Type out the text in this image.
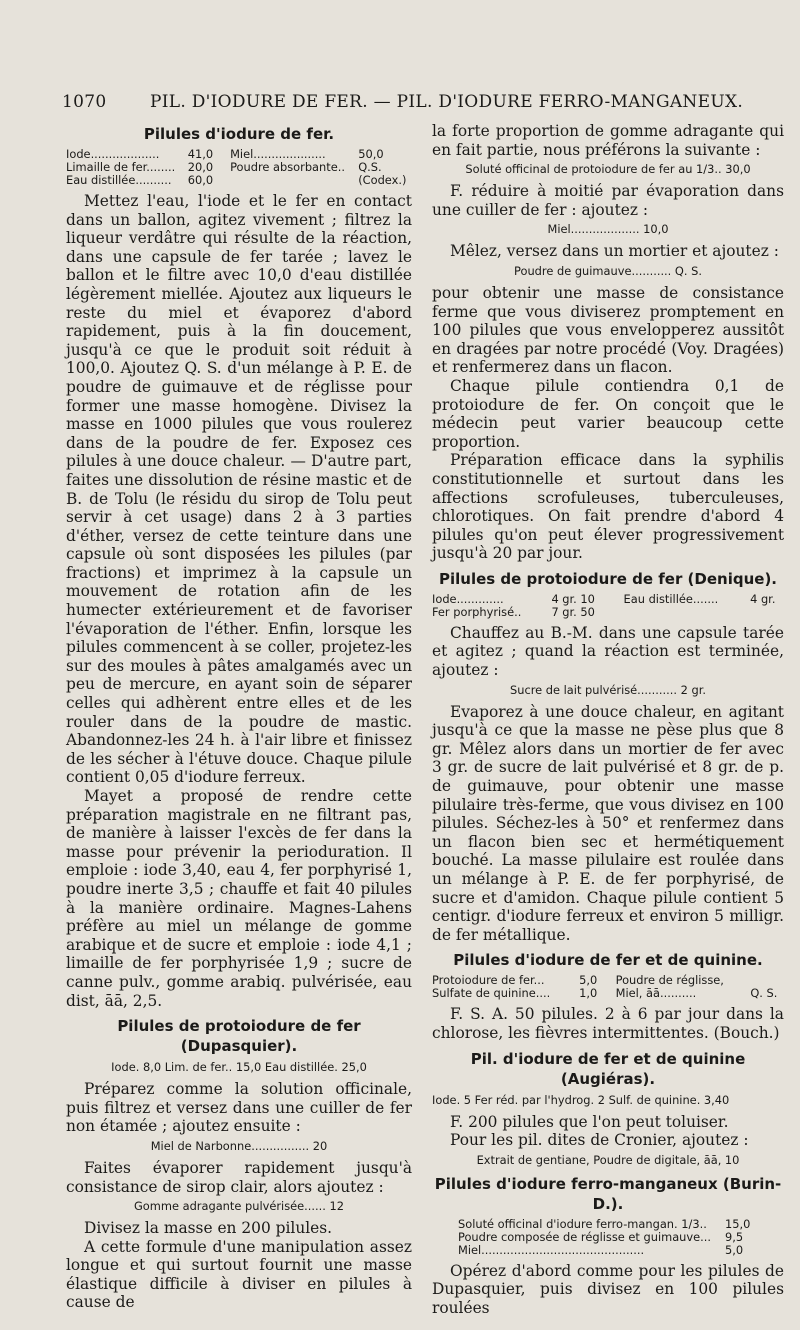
1070	PIL. D'IODURE DE FER. — PIL. D'IODURE FERRO-MANGANEUX.
Pilules d'iodure de fer.
Iode...................	41,0		Miel....................	50,0
Limaille de fer........	20,0		Poudre absorbante..	Q.S.
Eau distillée..........	60,0			(Codex.)

Mettez l'eau, l'iode et le fer en contact dans un ballon, agitez vivement ; filtrez la liqueur verdâtre qui résulte de la réaction, dans une capsule de fer tarée ; lavez le ballon et le filtre avec 10,0 d'eau distillée légèrement miellée. Ajoutez aux liqueurs le reste du miel et évaporez d'abord rapidement, puis à la fin doucement, jusqu'à ce que le produit soit réduit à 100,0. Ajoutez Q. S. d'un mélange à P. E. de poudre de guimauve et de réglisse pour former une masse homogène. Divisez la masse en 1000 pilules que vous roulerez dans de la poudre de fer. Exposez ces pilules à une douce chaleur. — D'autre part, faites une dissolution de résine mastic et de B. de Tolu (le résidu du sirop de Tolu peut servir à cet usage) dans 2 à 3 parties d'éther, versez de cette teinture dans une capsule où sont disposées les pilules (par fractions) et imprimez à la capsule un mouvement de rotation afin de les humecter extérieurement et de favoriser l'évaporation de l'éther. Enfin, lorsque les pilules commencent à se coller, projetez-les sur des moules à pâtes amalgamés avec un peu de mercure, en ayant soin de séparer celles qui adhèrent entre elles et de les rouler dans de la poudre de mastic. Abandonnez-les 24 h. à l'air libre et finissez de les sécher à l'étuve douce. Chaque pilule contient 0,05 d'iodure ferreux.

Mayet a proposé de rendre cette préparation magistrale en ne filtrant pas, de manière à laisser l'excès de fer dans la masse pour prévenir la perioduration. Il emploie : iode 3,40, eau 4, fer porphyrisé 1, poudre inerte 3,5 ; chauffe et fait 40 pilules à la manière ordinaire. Magnes-Lahens préfère au miel un mélange de gomme arabique et de sucre et emploie : iode 4,1 ; limaille de fer porphyrisée 1,9 ; sucre de canne pulv., gomme arabiq. pulvérisée, eau dist, āā, 2,5.

Pilules de protoiodure de fer (Dupasquier).
Iode. 8,0 Lim. de fer.. 15,0 Eau distillée. 25,0

Préparez comme la solution officinale, puis filtrez et versez dans une cuiller de fer non étamée ; ajoutez ensuite :

Miel de Narbonne................ 20

Faites évaporer rapidement jusqu'à consistance de sirop clair, alors ajoutez :

Gomme adragante pulvérisée...... 12

Divisez la masse en 200 pilules.

A cette formule d'une manipulation assez longue et qui surtout fournit une masse élastique difficile à diviser en pilules à cause de

la forte proportion de gomme adragante qui en fait partie, nous préférons la suivante :

Soluté officinal de protoiodure de fer au 1/3.. 30,0

F. réduire à moitié par évaporation dans une cuiller de fer : ajoutez :

Miel................... 10,0

Mêlez, versez dans un mortier et ajoutez :

Poudre de guimauve........... Q. S.

pour obtenir une masse de consistance ferme que vous diviserez promptement en 100 pilules que vous envelopperez aussitôt en dragées par notre procédé (Voy. Dragées) et renfermerez dans un flacon.

Chaque pilule contiendra 0,1 de protoiodure de fer. On conçoit que le médecin peut varier beaucoup cette proportion.

Préparation efficace dans la syphilis constitutionnelle et surtout dans les affections scrofuleuses, tuberculeuses, chlorotiques. On fait prendre d'abord 4 pilules qu'on peut élever progressivement jusqu'à 20 par jour.

Pilules de protoiodure de fer (Denique).
Iode.............	4 gr. 10		Eau distillée.......	4 gr.
Fer porphyrisé..	7 gr. 50			

Chauffez au B.-M. dans une capsule tarée et agitez ; quand la réaction est terminée, ajoutez :

Sucre de lait pulvérisé........... 2 gr.

Evaporez à une douce chaleur, en agitant jusqu'à ce que la masse ne pèse plus que 8 gr. Mêlez alors dans un mortier de fer avec 3 gr. de sucre de lait pulvérisé et 8 gr. de p. de guimauve, pour obtenir une masse pilulaire très-ferme, que vous divisez en 100 pilules. Séchez-les à 50° et renfermez dans un flacon bien sec et hermétiquement bouché. La masse pilulaire est roulée dans un mélange à P. E. de fer porphyrisé, de sucre et d'amidon. Chaque pilule contient 5 centigr. d'iodure ferreux et environ 5 milligr. de fer métallique.

Pilules d'iodure de fer et de quinine.
Protoiodure de fer...	5,0		Poudre de réglisse,	
Sulfate de quinine....	1,0		Miel, āā..........	Q. S.

F. S. A. 50 pilules. 2 à 6 par jour dans la chlorose, les fièvres intermittentes. (Bouch.)

Pil. d'iodure de fer et de quinine (Augiéras).
Iode. 5 Fer réd. par l'hydrog. 2 Sulf. de quinine. 3,40

F. 200 pilules que l'on peut toluiser.

Pour les pil. dites de Cronier, ajoutez :

Extrait de gentiane, Poudre de digitale, āā, 10
Pilules d'iodure ferro-manganeux (Burin-D.).
Soluté officinal d'iodure ferro-mangan. 1/3..		15,0
Poudre composée de réglisse et guimauve...		9,5
Miel.............................................		5,0

Opérez d'abord comme pour les pilules de Dupasquier, puis divisez en 100 pilules roulées
